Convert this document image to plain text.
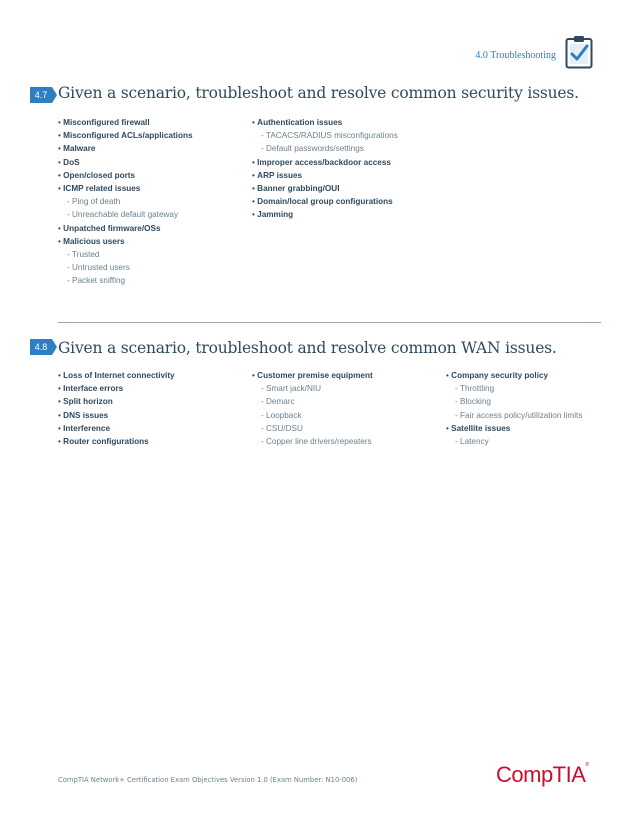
4.0 Troubleshooting
4.7 Given a scenario, troubleshoot and resolve common security issues.
• Misconfigured firewall
• Misconfigured ACLs/applications
• Malware
• DoS
• Open/closed ports
• ICMP related issues
- Ping of death
- Unreachable default gateway
• Unpatched firmware/OSs
• Malicious users
- Trusted
- Untrusted users
- Packet sniffing
• Authentication issues
- TACACS/RADIUS misconfigurations
- Default passwords/settings
• Improper access/backdoor access
• ARP issues
• Banner grabbing/OUI
• Domain/local group configurations
• Jamming
4.8 Given a scenario, troubleshoot and resolve common WAN issues.
• Loss of Internet connectivity
• Interface errors
• Split horizon
• DNS issues
• Interference
• Router configurations
• Customer premise equipment
- Smart jack/NIU
- Demarc
- Loopback
- CSU/DSU
- Copper line drivers/repeaters
• Company security policy
- Throttling
- Blocking
- Fair access policy/utilization limits
• Satellite issues
- Latency
CompTIA Network+ Certification Exam Objectives Version 1.0 (Exam Number: N10-006)	CompTIA®
